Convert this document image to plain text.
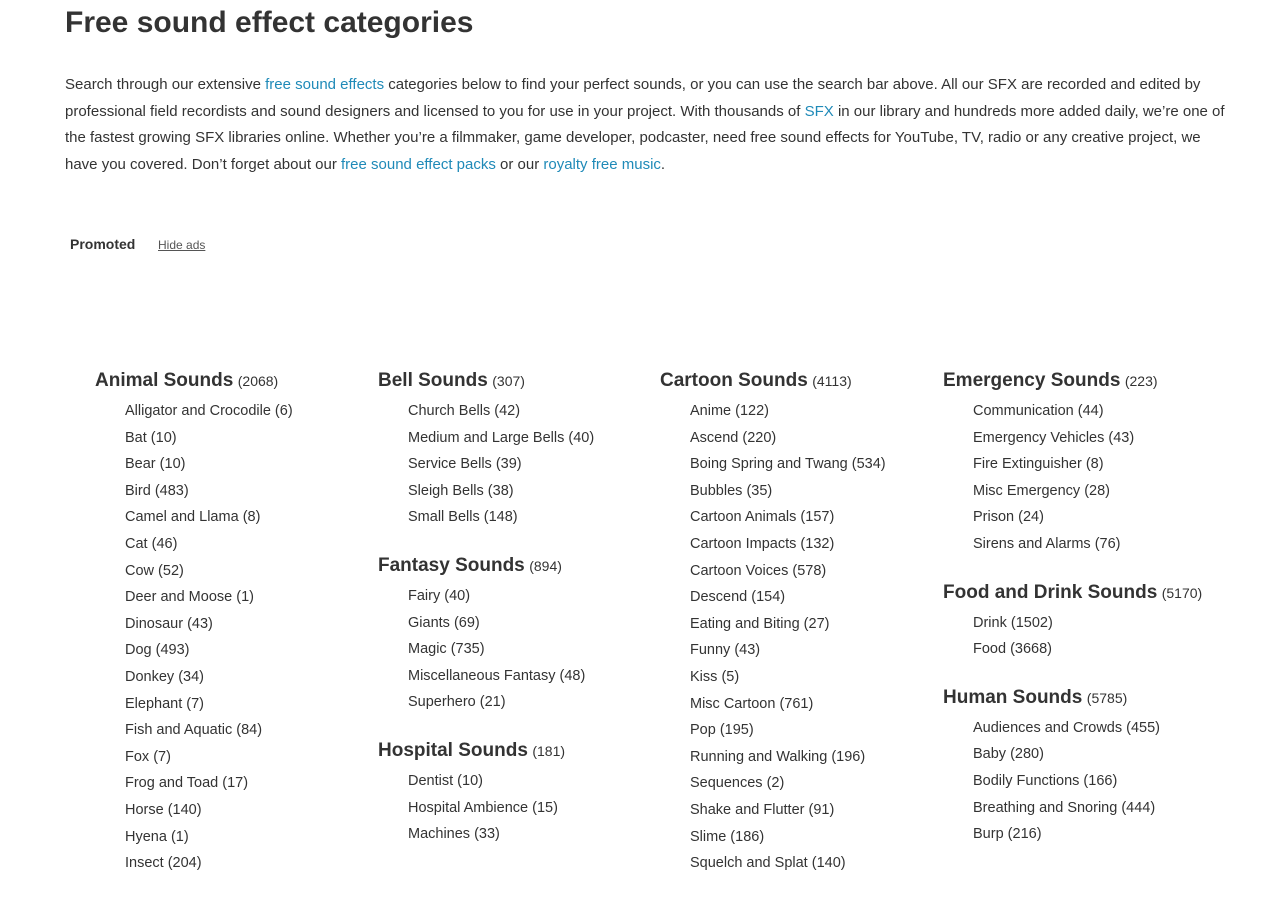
Free sound effect categories

Search through our extensive free sound effects categories below to find your perfect sounds, or you can use the search bar above. All our SFX are recorded and edited by professional field recordists and sound designers and licensed to you for use in your project. With thousands of SFX in our library and hundreds more added daily, we’re one of the fastest growing SFX libraries online. Whether you’re a filmmaker, game developer, podcaster, need free sound effects for YouTube, TV, radio or any creative project, we have you covered. Don’t forget about our free sound effect packs or our royalty free music.

Promoted Hide ads
Animal Sounds (2068)
Alligator and Crocodile (6)
Bat (10)
Bear (10)
Bird (483)
Camel and Llama (8)
Cat (46)
Cow (52)
Deer and Moose (1)
Dinosaur (43)
Dog (493)
Donkey (34)
Elephant (7)
Fish and Aquatic (84)
Fox (7)
Frog and Toad (17)
Horse (140)
Hyena (1)
Insect (204)
Bell Sounds (307)
Church Bells (42)
Medium and Large Bells (40)
Service Bells (39)
Sleigh Bells (38)
Small Bells (148)
Fantasy Sounds (894)
Fairy (40)
Giants (69)
Magic (735)
Miscellaneous Fantasy (48)
Superhero (21)
Hospital Sounds (181)
Dentist (10)
Hospital Ambience (15)
Machines (33)
Cartoon Sounds (4113)
Anime (122)
Ascend (220)
Boing Spring and Twang (534)
Bubbles (35)
Cartoon Animals (157)
Cartoon Impacts (132)
Cartoon Voices (578)
Descend (154)
Eating and Biting (27)
Funny (43)
Kiss (5)
Misc Cartoon (761)
Pop (195)
Running and Walking (196)
Sequences (2)
Shake and Flutter (91)
Slime (186)
Squelch and Splat (140)
Emergency Sounds (223)
Communication (44)
Emergency Vehicles (43)
Fire Extinguisher (8)
Misc Emergency (28)
Prison (24)
Sirens and Alarms (76)
Food and Drink Sounds (5170)
Drink (1502)
Food (3668)
Human Sounds (5785)
Audiences and Crowds (455)
Baby (280)
Bodily Functions (166)
Breathing and Snoring (444)
Burp (216)
